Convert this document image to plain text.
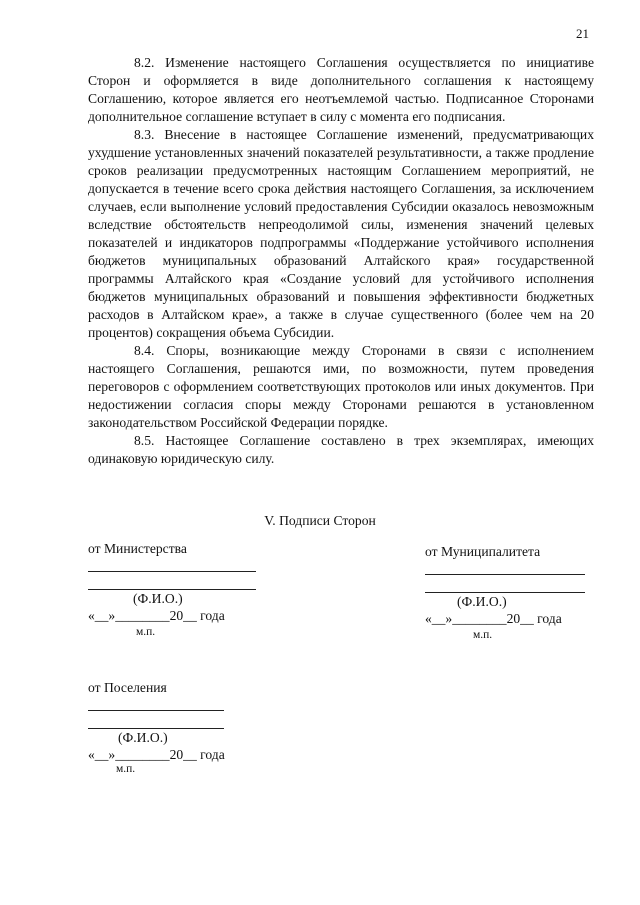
21

8.2. Изменение настоящего Соглашения осуществляется по инициативе Сторон и оформляется в виде дополнительного соглашения к настоящему Соглашению, которое является его неотъемлемой частью. Подписанное Сторонами дополнительное соглашение вступает в силу с момента его подписания.

8.3. Внесение в настоящее Соглашение изменений, предусматривающих ухудшение установленных значений показателей результативности, а также продление сроков реализации предусмотренных настоящим Соглашением мероприятий, не допускается в течение всего срока действия настоящего Соглашения, за исключением случаев, если выполнение условий предоставления Субсидии оказалось невозможным вследствие обстоятельств непреодолимой силы, изменения значений целевых показателей и индикаторов подпрограммы «Поддержание устойчивого исполнения бюджетов муниципальных образований Алтайского края» государственной программы Алтайского края «Создание условий для устойчивого исполнения бюджетов муниципальных образований и повышения эффективности бюджетных расходов в Алтайском крае», а также в случае существенного (более чем на 20 процентов) сокращения объема Субсидии.

8.4. Споры, возникающие между Сторонами в связи с исполнением настоящего Соглашения, решаются ими, по возможности, путем проведения переговоров с оформлением соответствующих протоколов или иных документов. При недостижении согласия споры между Сторонами решаются в установленном законодательством Российской Федерации порядке.

8.5. Настоящее Соглашение составлено в трех экземплярах, имеющих одинаковую юридическую силу.

V. Подписи Сторон
от Министерства
(Ф.И.О.)
«__»________20__ года
м.п.
от Муниципалитета
(Ф.И.О.)
«__»________20__ года
м.п.
от Поселения
(Ф.И.О.)
«__»________20__ года
м.п.
